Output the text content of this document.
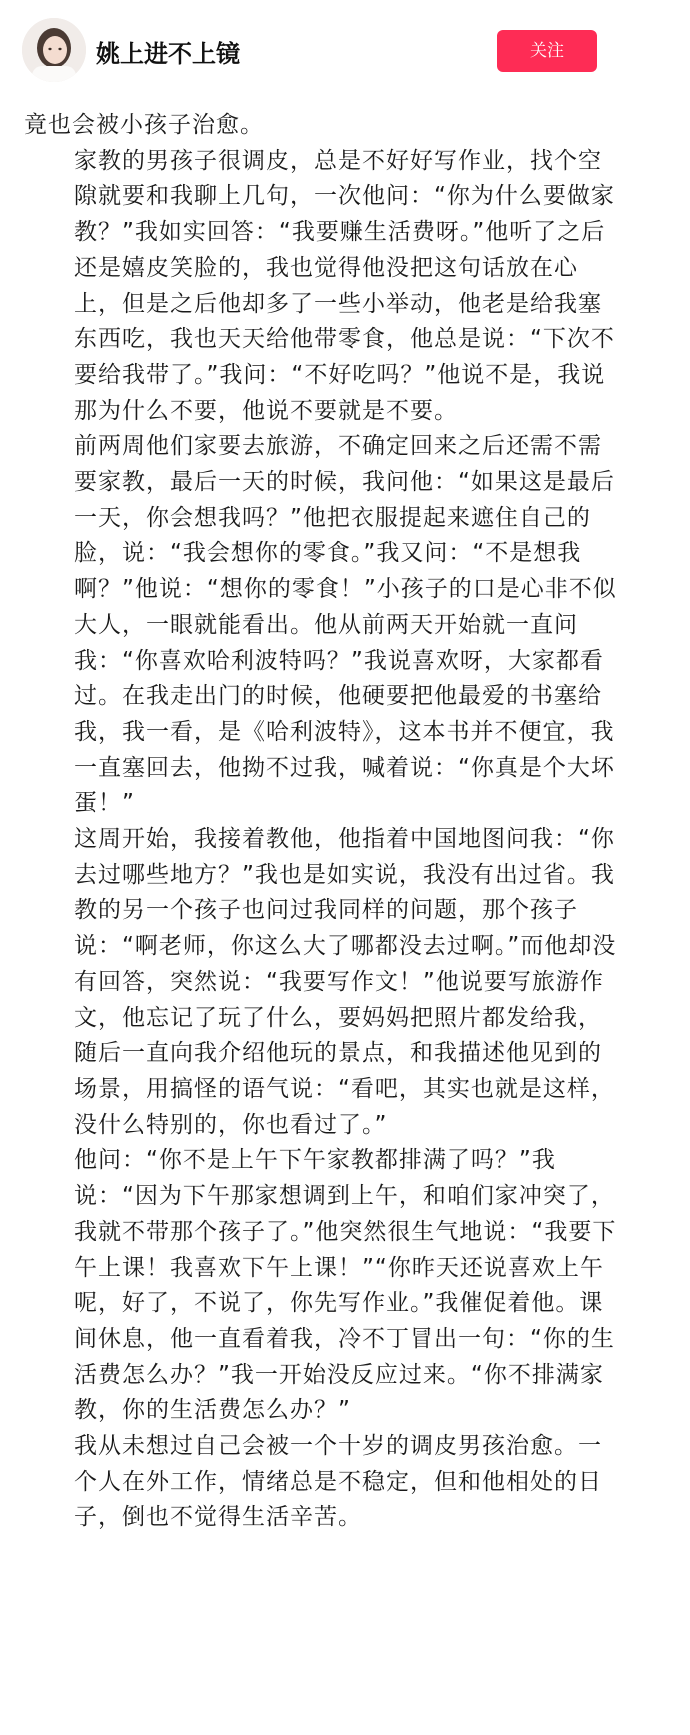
姚上进不上镜	关注
竟也会被小孩子治愈。
家教的男孩子很调皮，总是不好好写作业，找个空隙就要和我聊上几句，一次他问：“你为什么要做家教？”我如实回答：“我要赚生活费呀。”他听了之后还是嬉皮笑脸的，我也觉得他没把这句话放在心上，但是之后他却多了一些小举动，他老是给我塞东西吃，我也天天给他带零食，他总是说：“下次不要给我带了。”我问：“不好吃吗？”他说不是，我说那为什么不要，他说不要就是不要。
前两周他们家要去旅游，不确定回来之后还需不需要家教，最后一天的时候，我问他：“如果这是最后一天，你会想我吗？”他把衣服提起来遮住自己的脸，说：“我会想你的零食。”我又问：“不是想我啊？”他说：“想你的零食！”小孩子的口是心非不似大人，一眼就能看出。他从前两天开始就一直问我：“你喜欢哈利波特吗？”我说喜欢呀，大家都看过。在我走出门的时候，他硬要把他最爱的书塞给我，我一看，是《哈利波特》，这本书并不便宜，我一直塞回去，他拗不过我，喊着说：“你真是个大坏蛋！”
这周开始，我接着教他，他指着中国地图问我：“你去过哪些地方？”我也是如实说，我没有出过省。我教的另一个孩子也问过我同样的问题，那个孩子说：“啊老师，你这么大了哪都没去过啊。”而他却没有回答，突然说：“我要写作文！”他说要写旅游作文，他忘记了玩了什么，要妈妈把照片都发给我，随后一直向我介绍他玩的景点，和我描述他见到的场景，用搞怪的语气说：“看吧，其实也就是这样，没什么特别的，你也看过了。”
他问：“你不是上午下午家教都排满了吗？”我说：“因为下午那家想调到上午，和咱们家冲突了，我就不带那个孩子了。”他突然很生气地说：“我要下午上课！我喜欢下午上课！”“你昨天还说喜欢上午呢，好了，不说了，你先写作业。”我催促着他。课间休息，他一直看着我，冷不丁冒出一句：“你的生活费怎么办？”我一开始没反应过来。“你不排满家教，你的生活费怎么办？”
我从未想过自己会被一个十岁的调皮男孩治愈。一个人在外工作，情绪总是不稳定，但和他相处的日子，倒也不觉得生活辛苦。
